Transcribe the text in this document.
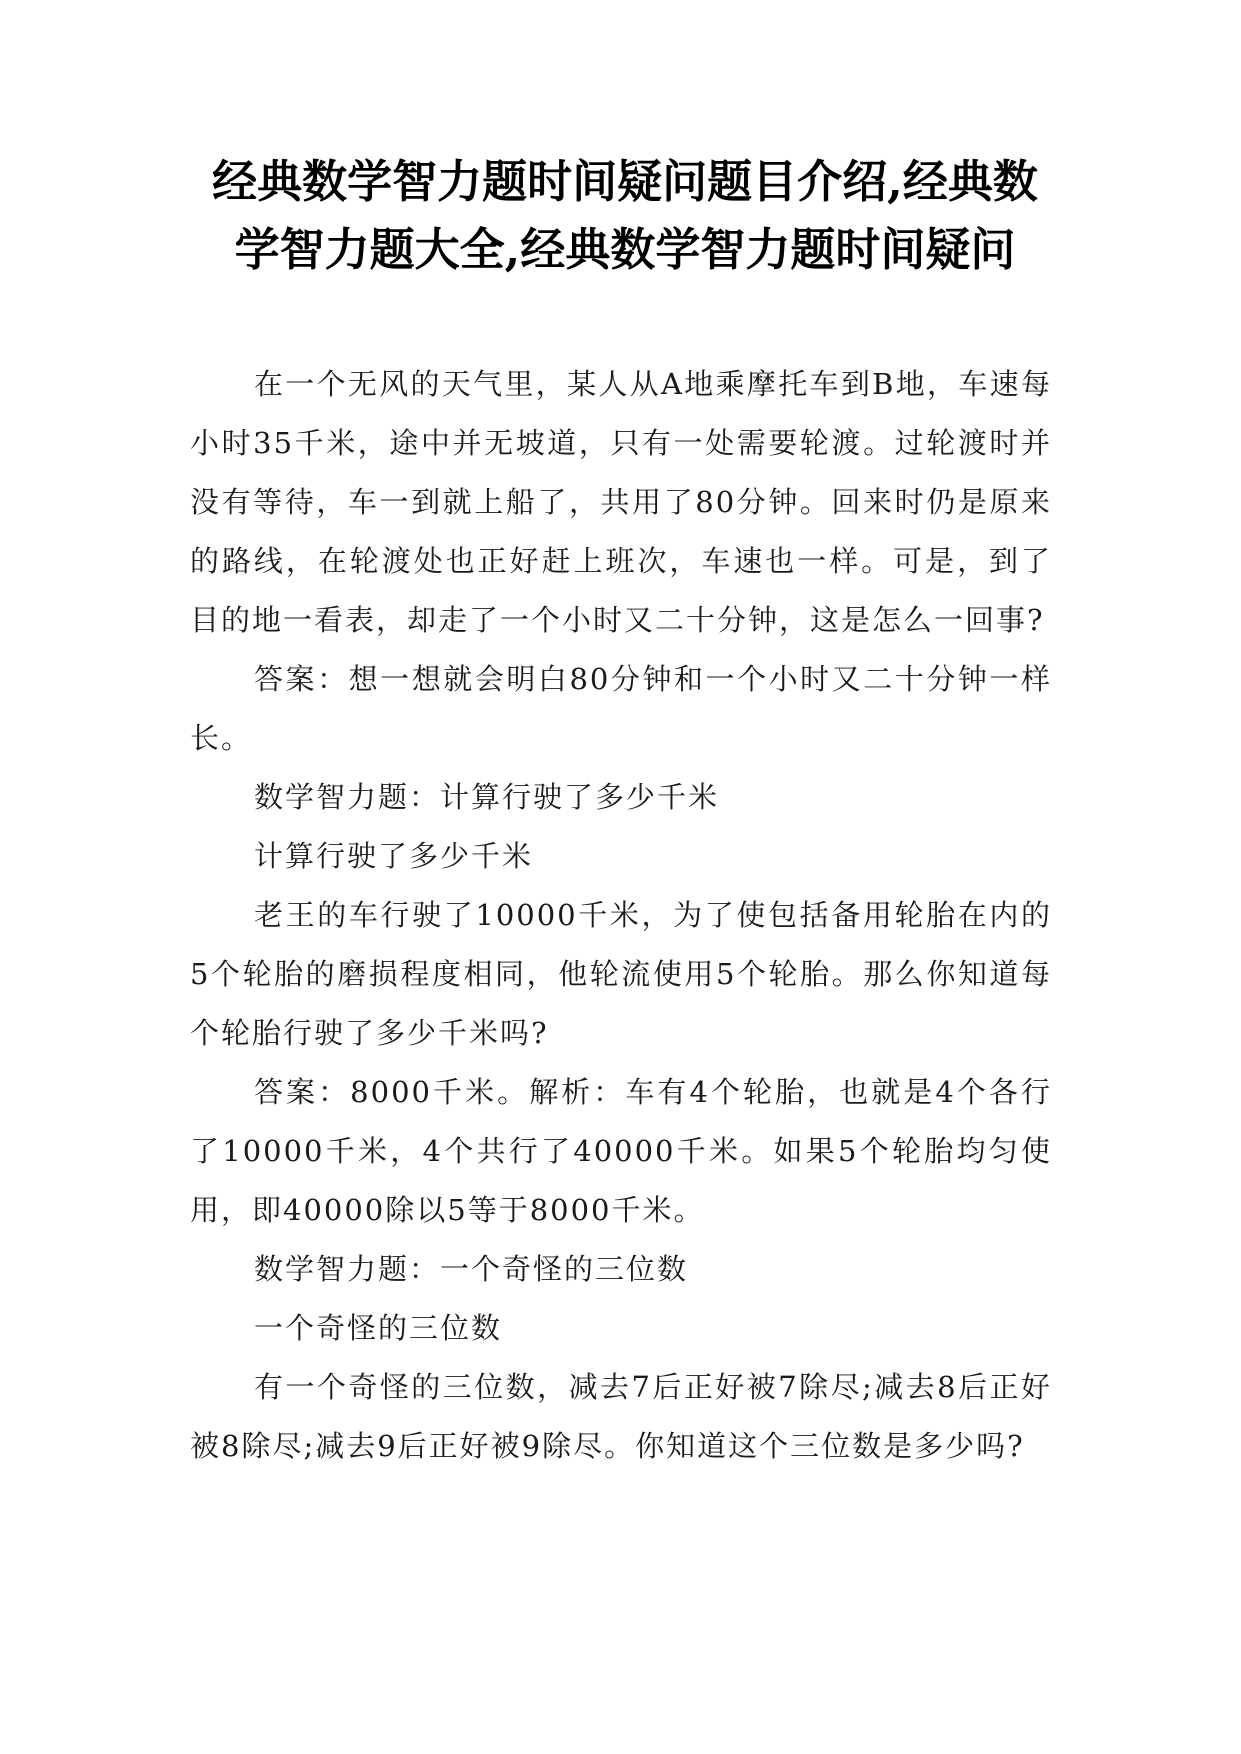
经典数学智力题时间疑问题目介绍,经典数学智力题大全,经典数学智力题时间疑问

在一个无风的天气里，某人从A地乘摩托车到B地，车速每小时35千米，途中并无坡道，只有一处需要轮渡。过轮渡时并没有等待，车一到就上船了，共用了80分钟。回来时仍是原来的路线，在轮渡处也正好赶上班次，车速也一样。可是，到了目的地一看表，却走了一个小时又二十分钟，这是怎么一回事?

答案：想一想就会明白80分钟和一个小时又二十分钟一样长。

数学智力题：计算行驶了多少千米

计算行驶了多少千米

老王的车行驶了10000千米，为了使包括备用轮胎在内的5个轮胎的磨损程度相同，他轮流使用5个轮胎。那么你知道每个轮胎行驶了多少千米吗?

答案：8000千米。解析：车有4个轮胎，也就是4个各行了10000千米，4个共行了40000千米。如果5个轮胎均匀使用，即40000除以5等于8000千米。

数学智力题：一个奇怪的三位数

一个奇怪的三位数

有一个奇怪的三位数，减去7后正好被7除尽;减去8后正好被8除尽;减去9后正好被9除尽。你知道这个三位数是多少吗?
